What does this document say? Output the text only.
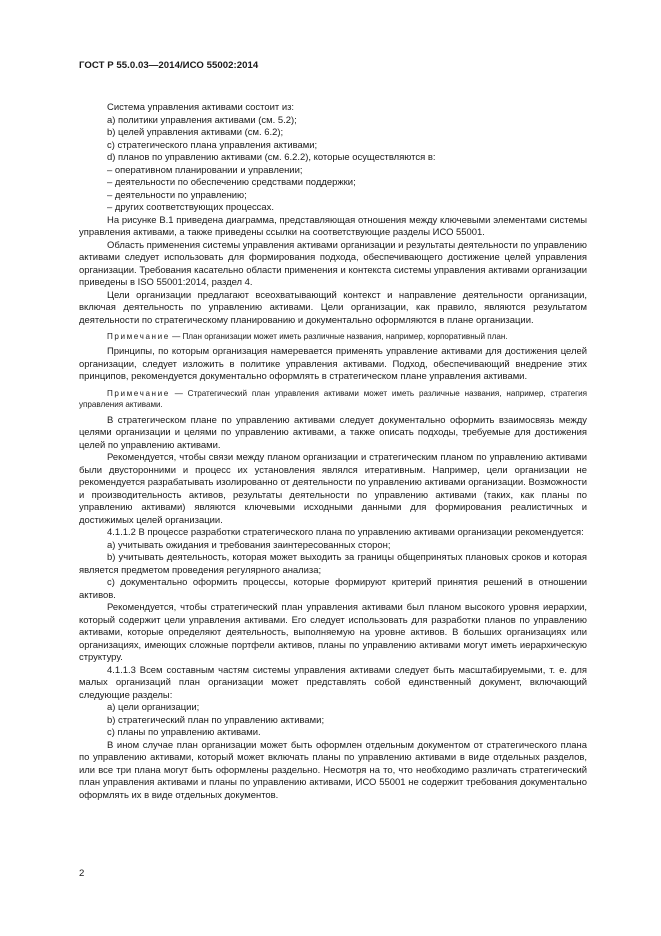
ГОСТ Р 55.0.03—2014/ИСО 55002:2014

Система управления активами состоит из:

a) политики управления активами (см. 5.2);

b) целей управления активами (см. 6.2);

c) стратегического плана управления активами;

d) планов по управлению активами (см. 6.2.2), которые осуществляются в:

– оперативном планировании и управлении;

– деятельности по обеспечению средствами поддержки;

– деятельности по управлению;

– других соответствующих процессах.

На рисунке В.1 приведена диаграмма, представляющая отношения между ключевыми элементами системы управления активами, а также приведены ссылки на соответствующие разделы ИСО 55001.

Область применения системы управления активами организации и результаты деятельности по управлению активами следует использовать для формирования подхода, обеспечивающего достижение целей управления организации. Требования касательно области применения и контекста системы управления активами организации приведены в ISO 55001:2014, раздел 4.

Цели организации предлагают всеохватывающий контекст и направление деятельности организации, включая деятельность по управлению активами. Цели организации, как правило, являются результатом деятельности по стратегическому планированию и документально оформляются в плане организации.

Примечание — План организации может иметь различные названия, например, корпоративный план.

Принципы, по которым организация намеревается применять управление активами для достижения целей организации, следует изложить в политике управления активами. Подход, обеспечивающий внедрение этих принципов, рекомендуется документально оформлять в стратегическом плане управления активами.

Примечание — Стратегический план управления активами может иметь различные названия, например, стратегия управления активами.

В стратегическом плане по управлению активами следует документально оформить взаимосвязь между целями организации и целями по управлению активами, а также описать подходы, требуемые для достижения целей по управлению активами.

Рекомендуется, чтобы связи между планом организации и стратегическим планом по управлению активами были двусторонними и процесс их установления являлся итеративным. Например, цели организации не рекомендуется разрабатывать изолированно от деятельности по управлению активами организации. Возможности и производительность активов, результаты деятельности по управлению активами (таких, как планы по управлению активами) являются ключевыми исходными данными для формирования реалистичных и достижимых целей организации.

4.1.1.2 В процессе разработки стратегического плана по управлению активами организации рекомендуется:

a) учитывать ожидания и требования заинтересованных сторон;

b) учитывать деятельность, которая может выходить за границы общепринятых плановых сроков и которая является предметом проведения регулярного анализа;

c) документально оформить процессы, которые формируют критерий принятия решений в отношении активов.

Рекомендуется, чтобы стратегический план управления активами был планом высокого уровня иерархии, который содержит цели управления активами. Его следует использовать для разработки планов по управлению активами, которые определяют деятельность, выполняемую на уровне активов. В больших организациях или организациях, имеющих сложные портфели активов, планы по управлению активами могут иметь иерархическую структуру.

4.1.1.3 Всем составным частям системы управления активами следует быть масштабируемыми, т. е. для малых организаций план организации может представлять собой единственный документ, включающий следующие разделы:

a) цели организации;

b) стратегический план по управлению активами;

c) планы по управлению активами.

В ином случае план организации может быть оформлен отдельным документом от стратегического плана по управлению активами, который может включать планы по управлению активами в виде отдельных разделов, или все три плана могут быть оформлены раздельно. Несмотря на то, что необходимо различать стратегический план управления активами и планы по управлению активами, ИСО 55001 не содержит требования документально оформлять их в виде отдельных документов.

2
